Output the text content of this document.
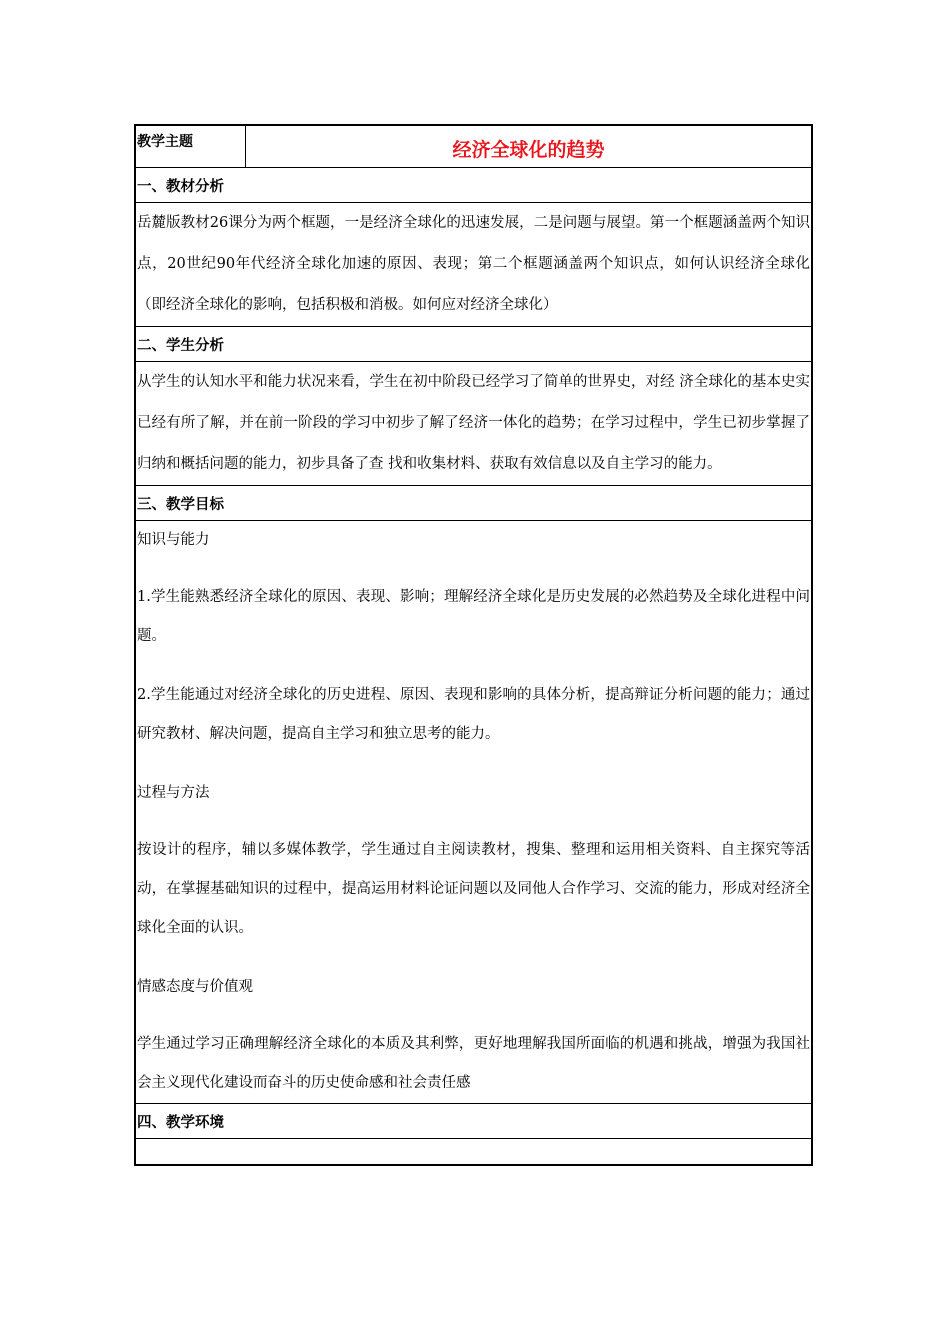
教学主题	经济全球化的趋势
一、教材分析

岳麓版教材26课分为两个框题，一是经济全球化的迅速发展，二是问题与展望。第一个框题涵盖两个知识点，20世纪90年代经济全球化加速的原因、表现；第二个框题涵盖两个知识点，如何认识经济全球化（即经济全球化的影响，包括积极和消极。如何应对经济全球化）

二、学生分析

从学生的认知水平和能力状况来看，学生在初中阶段已经学习了简单的世界史，对经 济全球化的基本史实已经有所了解，并在前一阶段的学习中初步了解了经济一体化的趋势；在学习过程中，学生已初步掌握了归纳和概括问题的能力，初步具备了查 找和收集材料、获取有效信息以及自主学习的能力。

三、教学目标

知识与能力

1.学生能熟悉经济全球化的原因、表现、影响；理解经济全球化是历史发展的必然趋势及全球化进程中问题。

2.学生能通过对经济全球化的历史进程、原因、表现和影响的具体分析，提高辩证分析问题的能力；通过研究教材、解决问题，提高自主学习和独立思考的能力。

过程与方法

按设计的程序，辅以多媒体教学，学生通过自主阅读教材，搜集、整理和运用相关资料、自主探究等活动，在掌握基础知识的过程中，提高运用材料论证问题以及同他人合作学习、交流的能力，形成对经济全球化全面的认识。

情感态度与价值观

学生通过学习正确理解经济全球化的本质及其利弊，更好地理解我国所面临的机遇和挑战，增强为我国社会主义现代化建设而奋斗的历史使命感和社会责任感

四、教学环境
